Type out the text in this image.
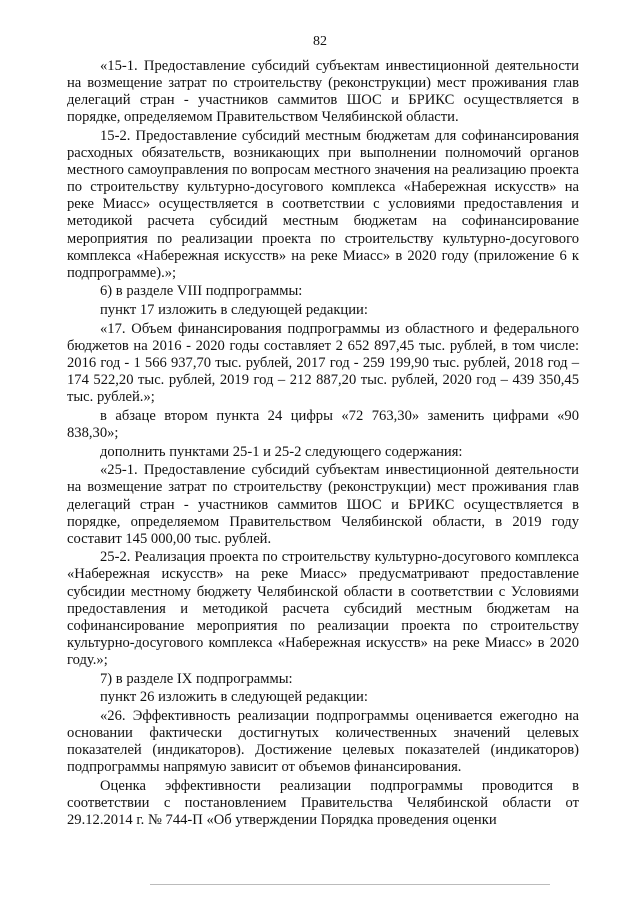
82

«15-1. Предоставление субсидий субъектам инвестиционной деятельности на возмещение затрат по строительству (реконструкции) мест проживания глав делегаций стран - участников саммитов ШОС и БРИКС осуществляется в порядке, определяемом Правительством Челябинской области.

15-2. Предоставление субсидий местным бюджетам для софинансирования расходных обязательств, возникающих при выполнении полномочий органов местного самоуправления по вопросам местного значения на реализацию проекта по строительству культурно-досугового комплекса «Набережная искусств» на реке Миасс» осуществляется в соответствии с условиями предоставления и методикой расчета субсидий местным бюджетам на софинансирование мероприятия по реализации проекта по строительству культурно-досугового комплекса «Набережная искусств» на реке Миасс» в 2020 году (приложение 6 к подпрограмме).»;

6) в разделе VIII подпрограммы:

пункт 17 изложить в следующей редакции:

«17. Объем финансирования подпрограммы из областного и федерального бюджетов на 2016 - 2020 годы составляет 2 652 897,45 тыс. рублей, в том числе: 2016 год - 1 566 937,70 тыс. рублей, 2017 год - 259 199,90 тыс. рублей, 2018 год – 174 522,20 тыс. рублей, 2019 год – 212 887,20 тыс. рублей, 2020 год – 439 350,45 тыс. рублей.»;

в абзаце втором пункта 24 цифры «72 763,30» заменить цифрами «90 838,30»;

дополнить пунктами 25-1 и 25-2 следующего содержания:

«25-1. Предоставление субсидий субъектам инвестиционной деятельности на возмещение затрат по строительству (реконструкции) мест проживания глав делегаций стран - участников саммитов ШОС и БРИКС осуществляется в порядке, определяемом Правительством Челябинской области, в 2019 году составит 145 000,00 тыс. рублей.

25-2. Реализация проекта по строительству культурно-досугового комплекса «Набережная искусств» на реке Миасс» предусматривают предоставление субсидии местному бюджету Челябинской области в соответствии с Условиями предоставления и методикой расчета субсидий местным бюджетам на софинансирование мероприятия по реализации проекта по строительству культурно-досугового комплекса «Набережная искусств» на реке Миасс» в 2020 году.»;

7) в разделе IX подпрограммы:

пункт 26 изложить в следующей редакции:

«26. Эффективность реализации подпрограммы оценивается ежегодно на основании фактически достигнутых количественных значений целевых показателей (индикаторов). Достижение целевых показателей (индикаторов) подпрограммы напрямую зависит от объемов финансирования.

Оценка эффективности реализации подпрограммы проводится в соответствии с постановлением Правительства Челябинской области от 29.12.2014 г. № 744-П «Об утверждении Порядка проведения оценки
